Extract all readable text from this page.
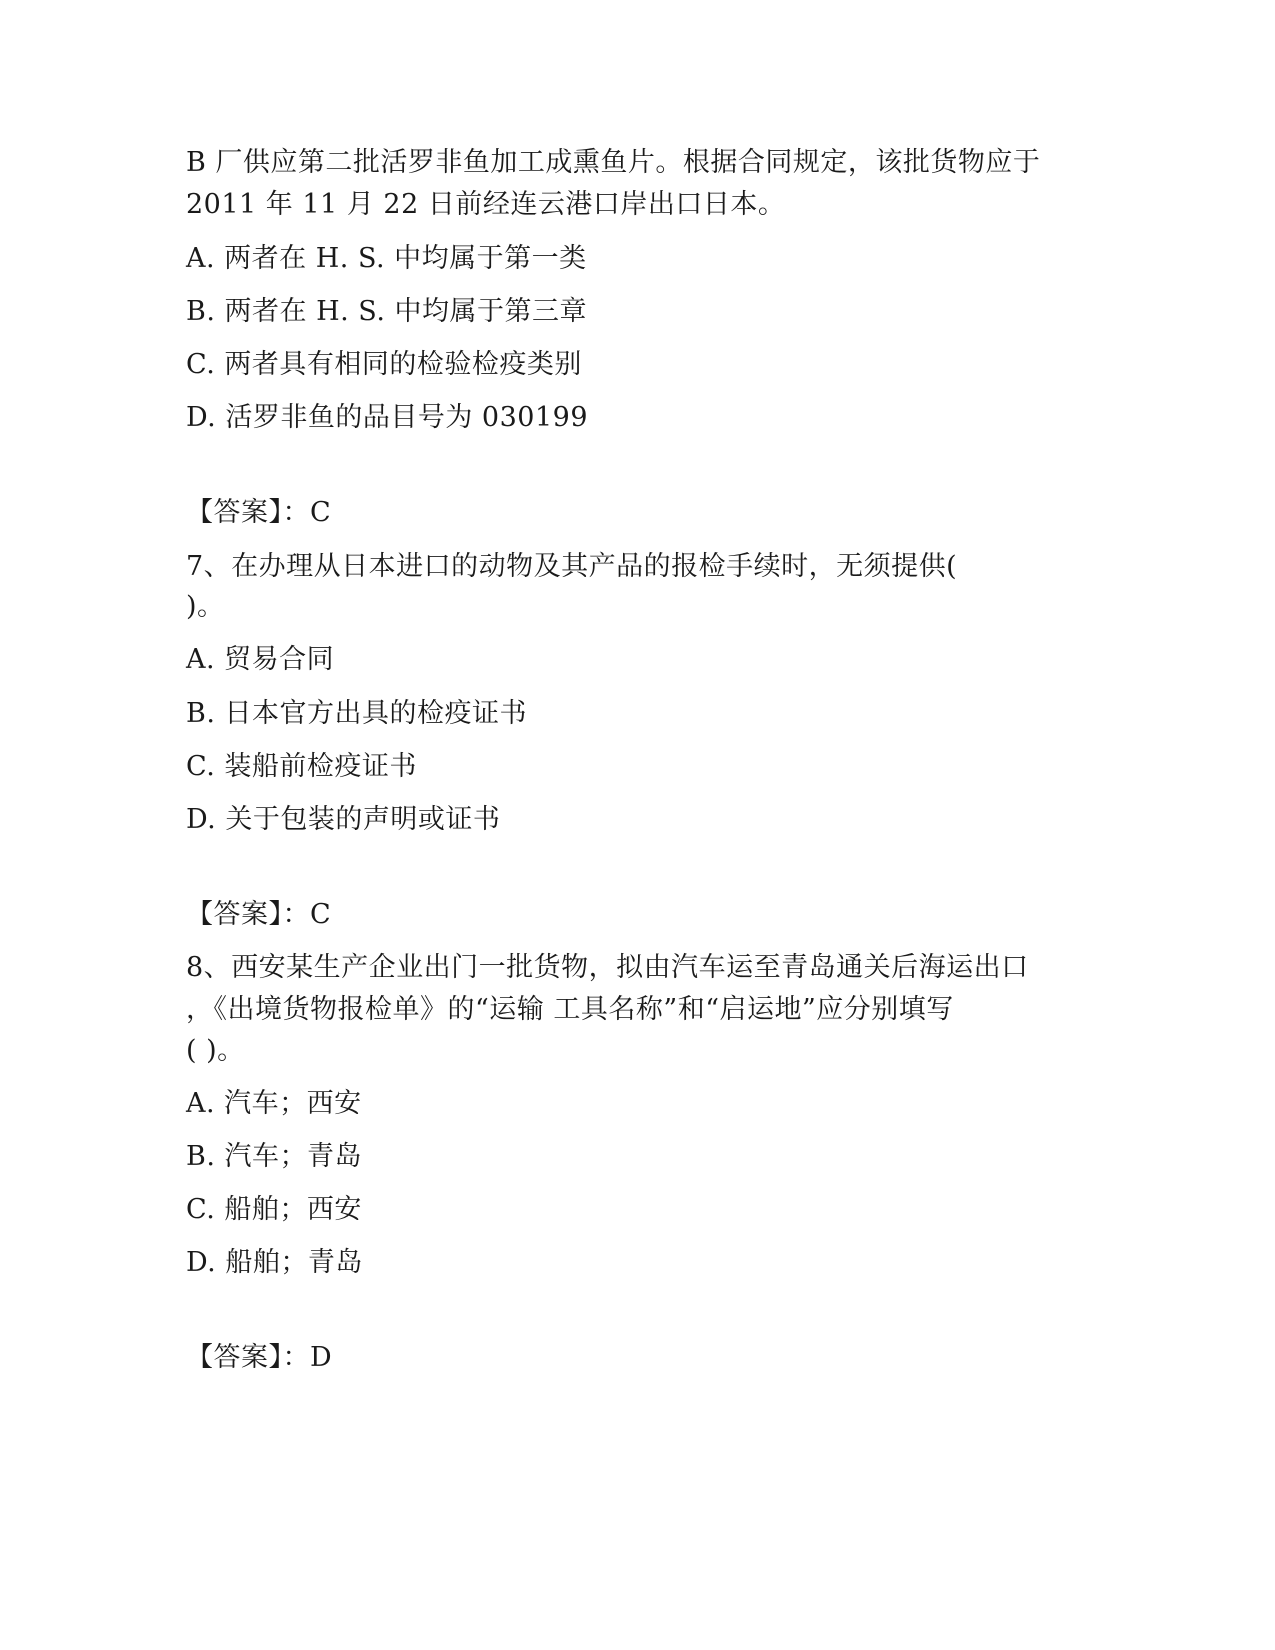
B 厂供应第二批活罗非鱼加工成熏鱼片。根据合同规定，该批货物应于
2011 年 11 月 22 日前经连云港口岸出口日本。
A. 两者在 H. S. 中均属于第一类
B. 两者在 H. S. 中均属于第三章
C. 两者具有相同的检验检疫类别
D. 活罗非鱼的品目号为 030199
【答案】：C
7、在办理从日本进口的动物及其产品的报检手续时，无须提供(
)。
A. 贸易合同
B. 日本官方出具的检疫证书
C. 装船前检疫证书
D. 关于包装的声明或证书
【答案】：C
8、西安某生产企业出门一批货物，拟由汽车运至青岛通关后海运出口
，《出境货物报检单》的“运输 工具名称”和“启运地”应分别填写
( )。
A. 汽车；西安
B. 汽车；青岛
C. 船舶；西安
D. 船舶；青岛
【答案】：D
